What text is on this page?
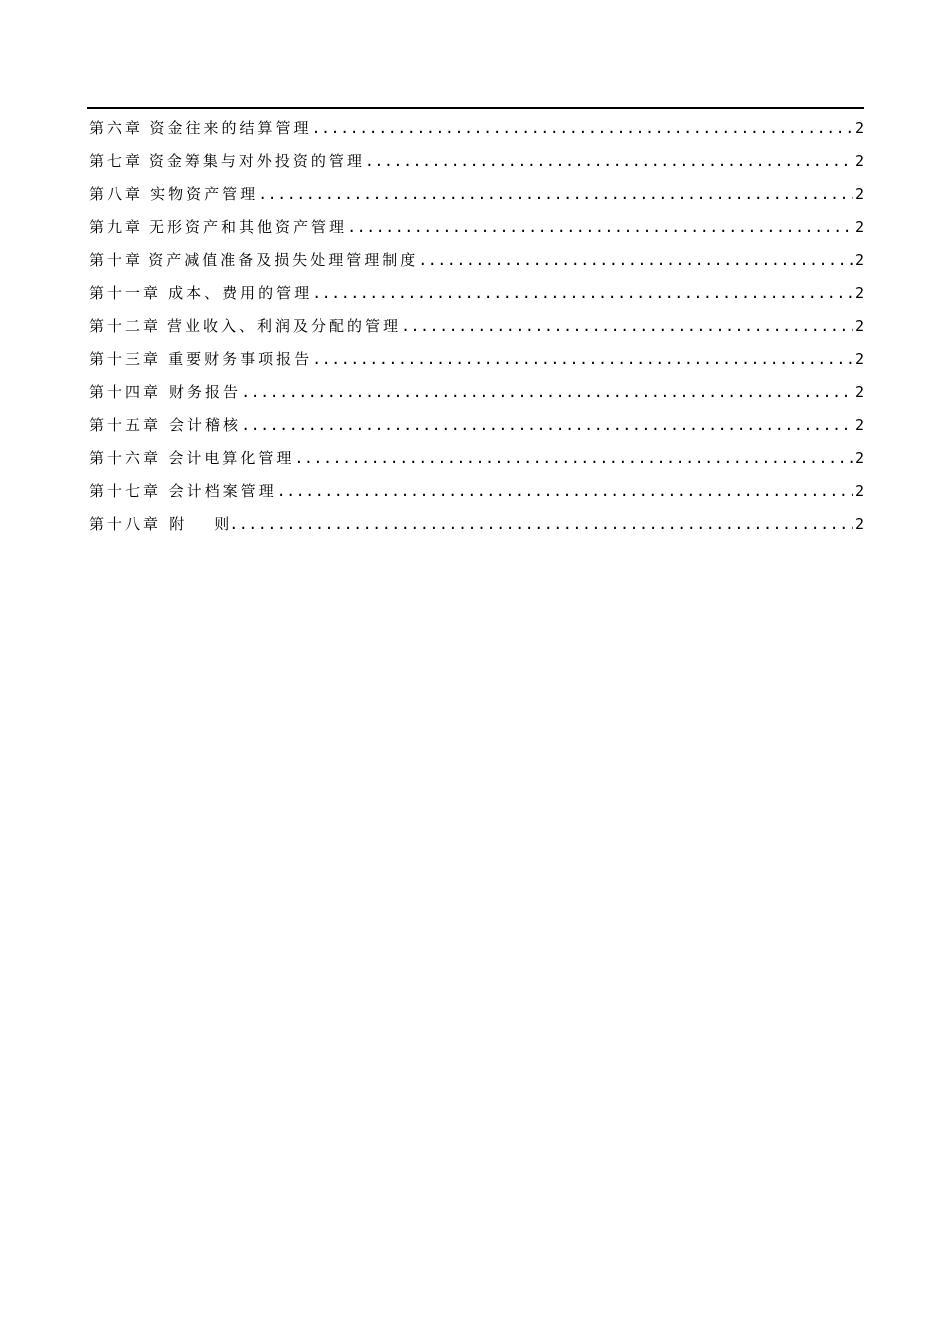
第六章 资金往来的结算管理 .....	2
第七章 资金筹集与对外投资的管理 .....	2
第八章 实物资产管理 .....	2
第九章 无形资产和其他资产管理 .....	2
第十章 资产减值准备及损失处理管理制度 .....	2
第十一章 成本、费用的管理 .....	2
第十二章 营业收入、利润及分配的管理 .....	2
第十三章 重要财务事项报告 .....	2
第十四章 财务报告 .....	2
第十五章 会计稽核 .....	2
第十六章 会计电算化管理 .....	2
第十七章 会计档案管理 .....	2
第十八章 附　　则 .....	2
